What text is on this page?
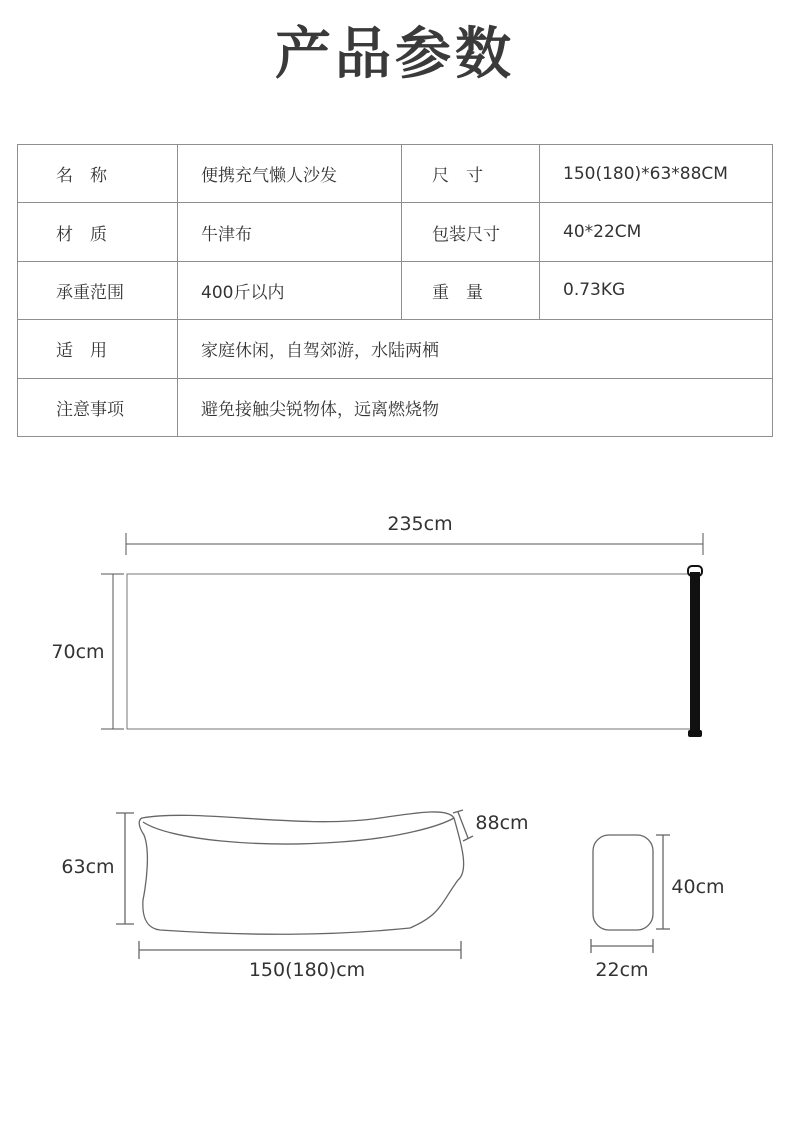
产品参数
名　称	便携充气懒人沙发	尺　寸	150(180)*63*88CM
材　质	牛津布	包装尺寸	40*22CM
承重范围	400斤以内	重　量	0.73KG
适　用	家庭休闲，自驾郊游，水陆两栖		
注意事项	避免接触尖锐物体，远离燃烧物		
235cm
70cm
63cm
88cm
150(180)cm
40cm
22cm
